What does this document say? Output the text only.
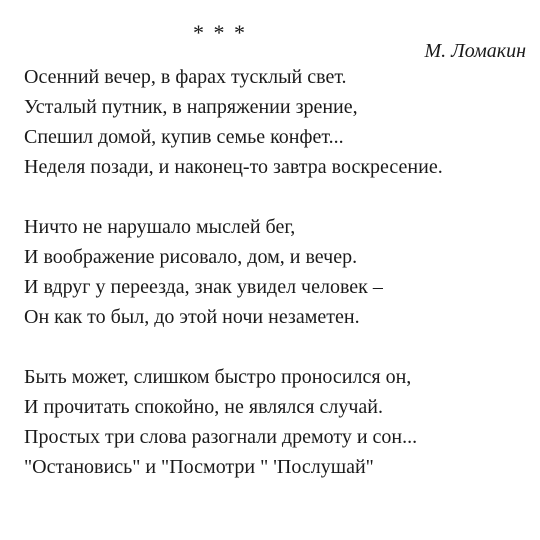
* * *
М. Ломакин
Осенний вечер, в фарах тусклый свет.
Усталый путник, в напряжении зрение,
Спешил домой, купив семье конфет...
Неделя позади, и наконец-то завтра воскресение.
Ничто не нарушало мыслей бег,
И воображение рисовало, дом, и вечер.
И вдруг у переезда, знак увидел человек –
Он как то был, до этой ночи незаметен.
Быть может, слишком быстро проносился он,
И прочитать спокойно, не являлся случай.
Простых три слова разогнали дремоту и сон...
"Остановись" и "Посмотри " 'Послушай"
